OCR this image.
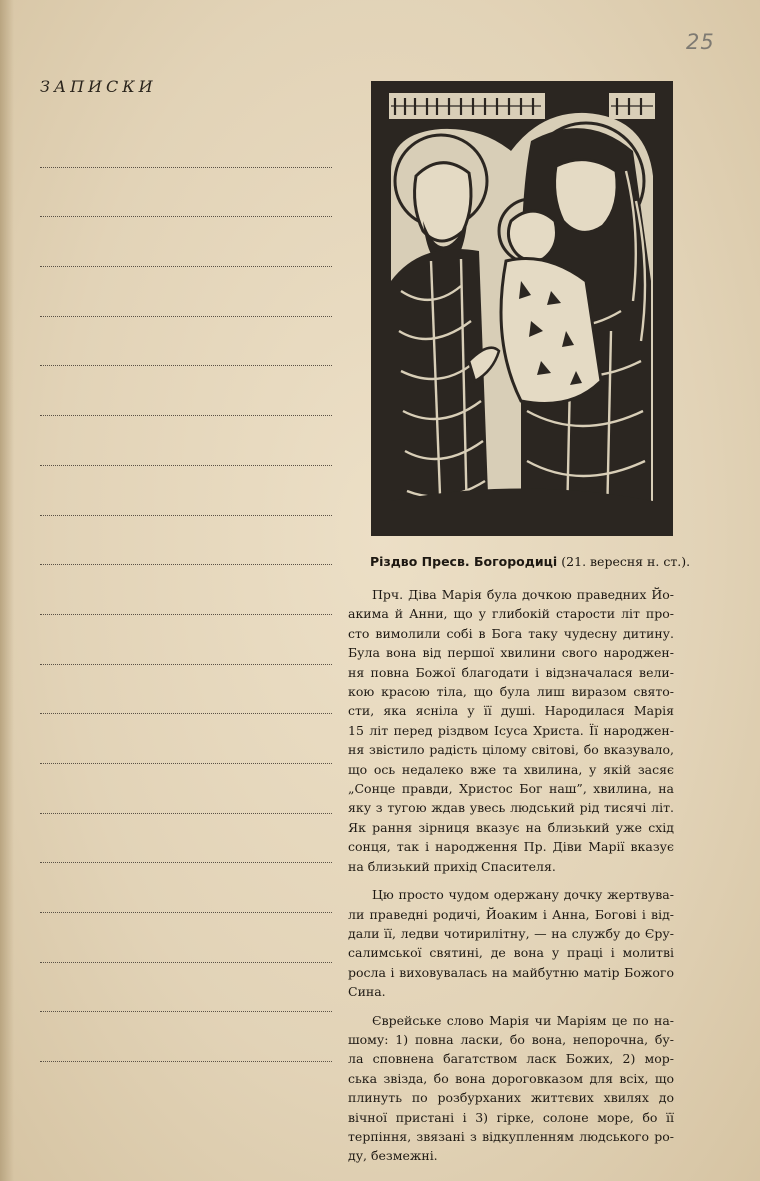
25
ЗАПИСКИ
Різдво Пресв. Богородиці (21. вересня н. ст.).

Прч. Діва Марія була дочкою праведних Йо-
акима й Анни, що у глибокій старости літ про-
сто вимолили собі в Бога таку чудесну дитину.
Була вона від першої хвилини свого народжен-
ня повна Божої благодати і відзначалася вели-
кою красою тіла, що була лиш виразом свято-
сти, яка ясніла у її душі. Народилася Марія
15 літ перед різдвом Ісуса Христа. Її народжен-
ня звістило радість цілому світові, бо вказувало,
що ось недалеко вже та хвилина, у якій засяє
„Сонце правди, Христос Бог наш”, хвилина, на
яку з тугою ждав увесь людський рід тисячі літ.
Як рання зірниця вказує на близький уже схід
сонця, так і народження Пр. Діви Марії вказує
на близький прихід Спасителя.

Цю просто чудом одержану дочку жертвува-
ли праведні родичі, Йоаким і Анна, Богові і від-
дали її, ледви чотирилітну, — на службу до Єру-
салимської святині, де вона у праці і молитві
росла і виховувалась на майбутню матір Божого
Сина.

Єврейське слово Марія чи Маріям це по на-
шому: 1) повна ласки, бо вона, непорочна, бу-
ла сповнена багатством ласк Божих, 2) мор-
ська звізда, бо вона дороговказом для всіх, що
плинуть по розбурханих життєвих хвилях до
вічної пристані і 3) гірке, солоне море, бо її
терпіння, звязані з відкупленням людського ро-
ду, безмежні.
